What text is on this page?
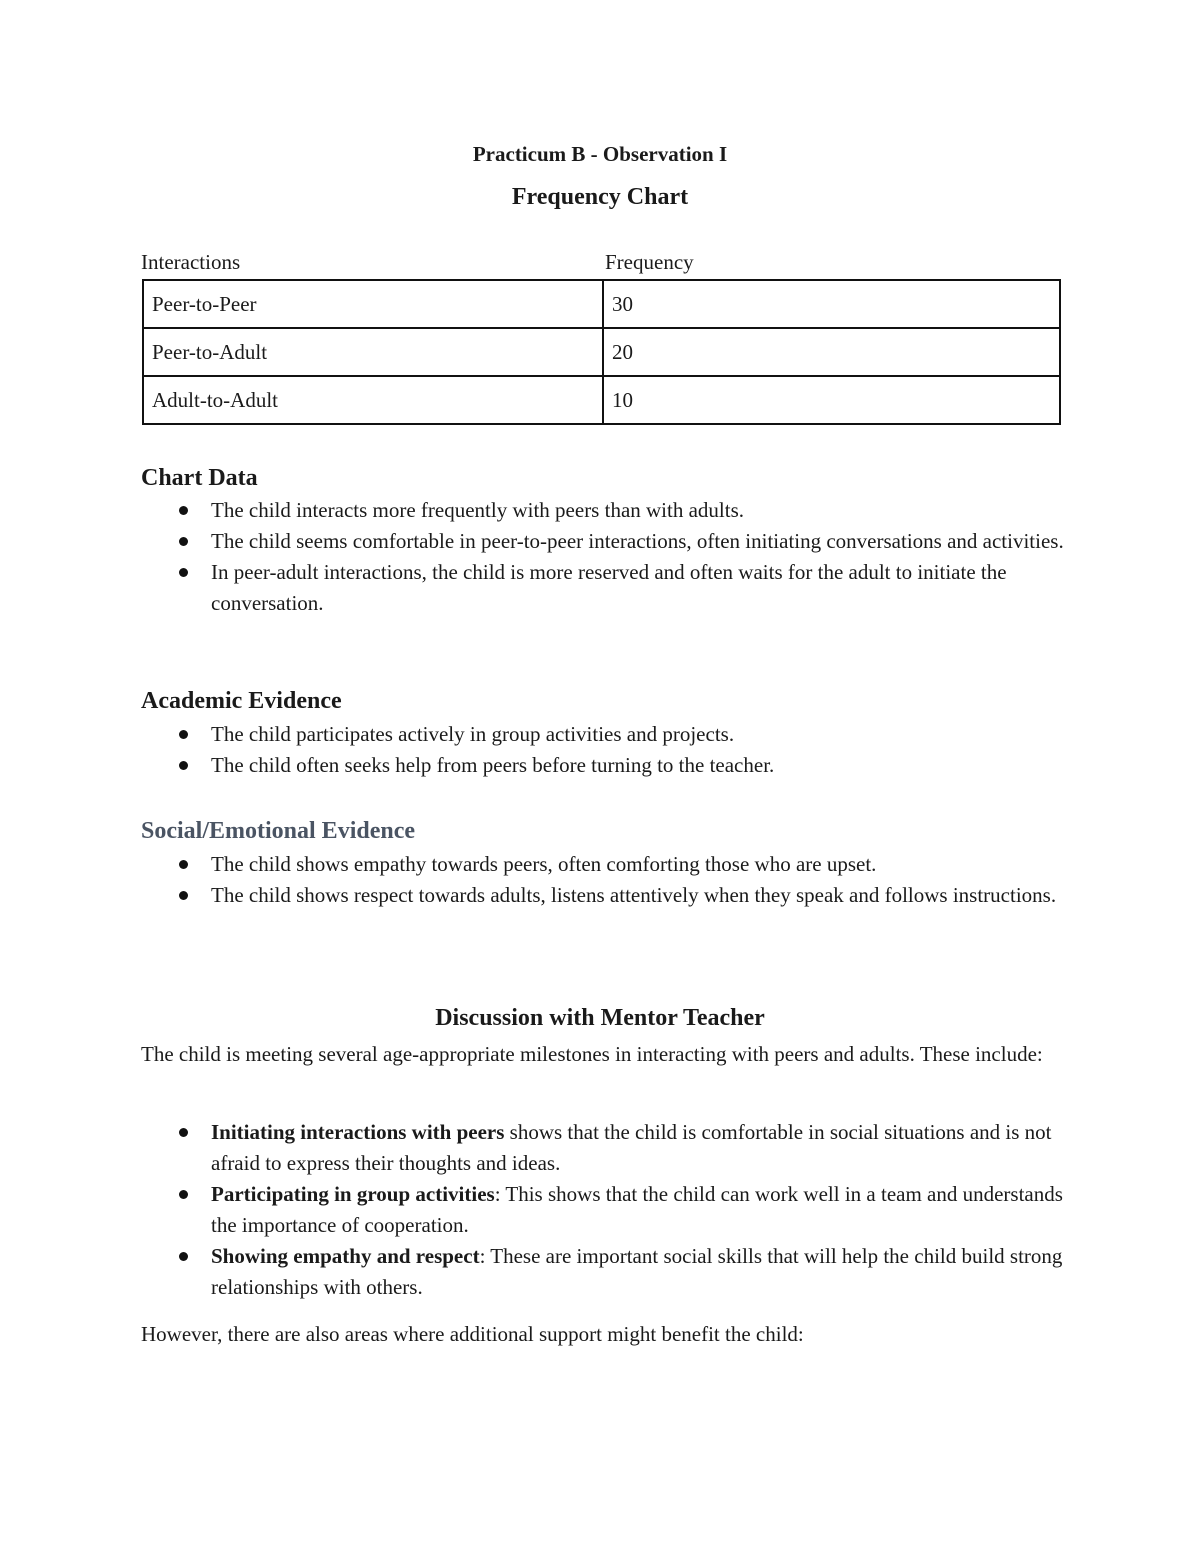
Practicum B - Observation I

Frequency Chart

Interactions	Frequency

Peer-to-Peer	30
Peer-to-Adult	20
Adult-to-Adult	10
Chart Data
The child interacts more frequently with peers than with adults.
The child seems comfortable in peer-to-peer interactions, often initiating conversations and activities.
In peer-adult interactions, the child is more reserved and often waits for the adult to initiate the conversation.
Academic Evidence
The child participates actively in group activities and projects.
The child often seeks help from peers before turning to the teacher.
Social/Emotional Evidence
The child shows empathy towards peers, often comforting those who are upset.
The child shows respect towards adults, listens attentively when they speak and follows instructions.

Discussion with Mentor Teacher

The child is meeting several age-appropriate milestones in interacting with peers and adults. These include:

Initiating interactions with peers shows that the child is comfortable in social situations and is not afraid to express their thoughts and ideas.
Participating in group activities: This shows that the child can work well in a team and understands the importance of cooperation.
Showing empathy and respect: These are important social skills that will help the child build strong relationships with others.

However, there are also areas where additional support might benefit the child:
